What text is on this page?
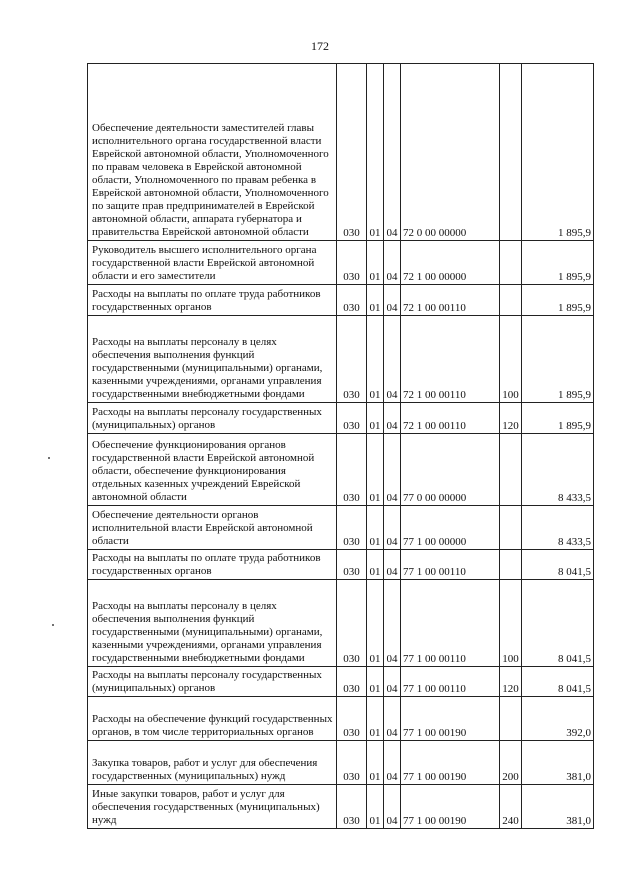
172
Обеспечение деятельности заместителей главы исполнительного органа государственной власти Еврейской автономной области, Уполномоченного по правам человека в Еврейской автономной области, Уполномоченного по правам ребенка в Еврейской автономной области, Уполномоченного по защите прав предпринимателей в Еврейской автономной области, аппарата губернатора и правительства Еврейской автономной области	030	01	04	72 0 00 00000		1 895,9
Руководитель высшего исполнительного органа государственной власти Еврейской автономной области и его заместители	030	01	04	72 1 00 00000		1 895,9
Расходы на выплаты по оплате труда работников государственных органов	030	01	04	72 1 00 00110		1 895,9
Расходы на выплаты персоналу в целях обеспечения выполнения функций государственными (муниципальными) органами, казенными учреждениями, органами управления государственными внебюджетными фондами	030	01	04	72 1 00 00110	100	1 895,9
Расходы на выплаты персоналу государственных (муниципальных) органов	030	01	04	72 1 00 00110	120	1 895,9
Обеспечение функционирования органов государственной власти Еврейской автономной области, обеспечение функционирования отдельных казенных учреждений Еврейской автономной области	030	01	04	77 0 00 00000		8 433,5
Обеспечение деятельности органов исполнительной власти Еврейской автономной области	030	01	04	77 1 00 00000		8 433,5
Расходы на выплаты по оплате труда работников государственных органов	030	01	04	77 1 00 00110		8 041,5
Расходы на выплаты персоналу в целях обеспечения выполнения функций государственными (муниципальными) органами, казенными учреждениями, органами управления государственными внебюджетными фондами	030	01	04	77 1 00 00110	100	8 041,5
Расходы на выплаты персоналу государственных (муниципальных) органов	030	01	04	77 1 00 00110	120	8 041,5
Расходы на обеспечение функций государственных органов, в том числе территориальных органов	030	01	04	77 1 00 00190		392,0
Закупка товаров, работ и услуг для обеспечения государственных (муниципальных) нужд	030	01	04	77 1 00 00190	200	381,0
Иные закупки товаров, работ и услуг для обеспечения государственных (муниципальных) нужд	030	01	04	77 1 00 00190	240	381,0
